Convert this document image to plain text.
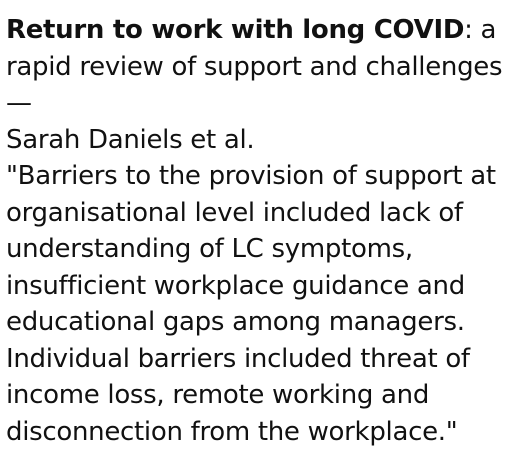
Return to work with long COVID: a rapid review of support and challenges —

Sarah Daniels et al.

"Barriers to the provision of support at organisational level included lack of understanding of LC symptoms, insufficient workplace guidance and educational gaps among managers. Individual barriers included threat of income loss, remote working and disconnection from the workplace."
